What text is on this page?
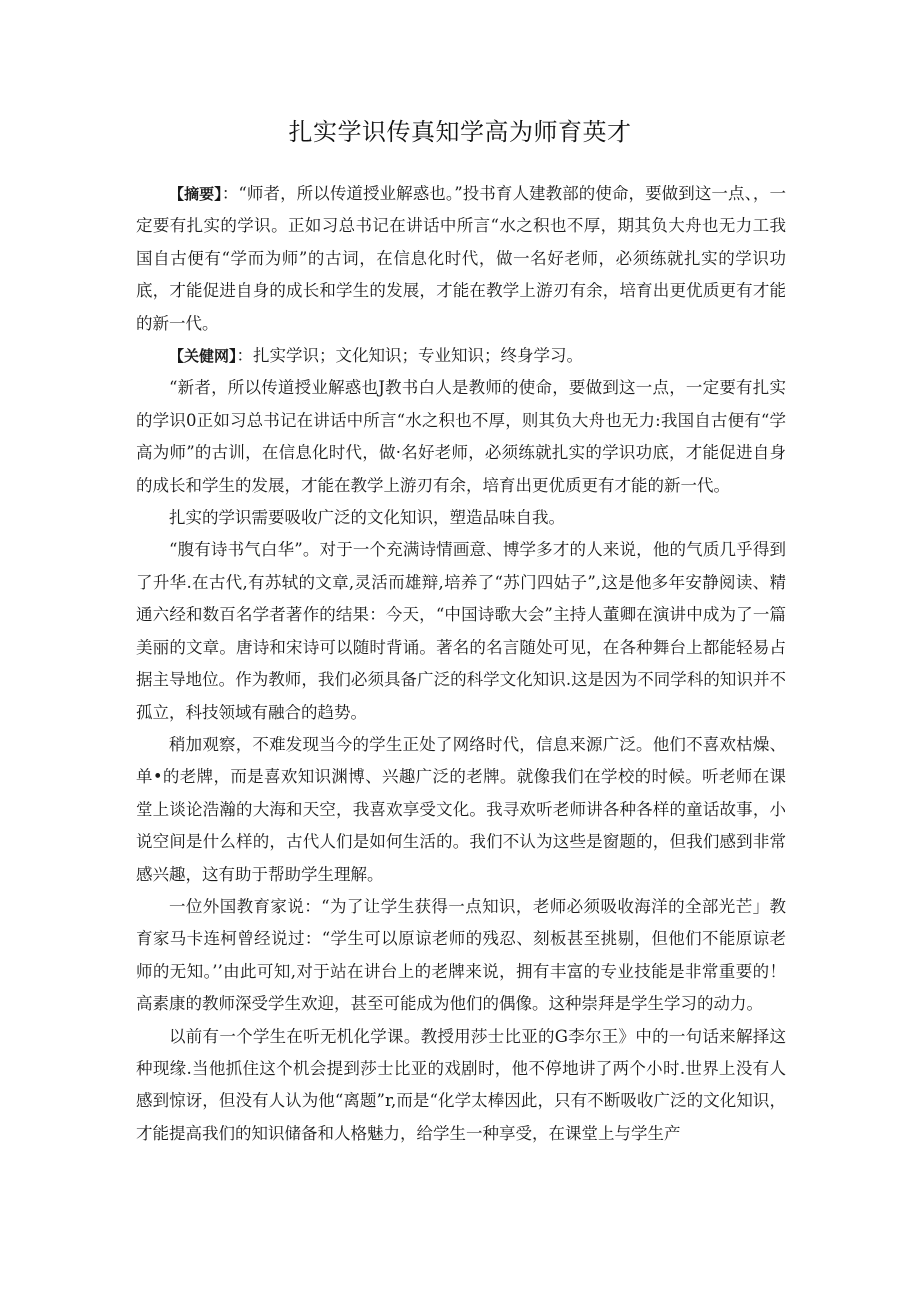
扎实学识传真知学高为师育英才

【摘要】：“师者，所以传道授业解惑也。”投书育人建教部的使命，要做到这一点、，一定要有扎实的学识。正如习总书记在讲话中所言“水之积也不厚，期其负大舟也无力工我国自古便有“学而为师”的古词，在信息化时代，做一名好老师，必须练就扎实的学识功底，才能促进自身的成长和学生的发展，才能在教学上游刃有余，培育出更优质更有才能的新一代。

【关健网】：扎实学识；文化知识；专业知识；终身学习。

“新者，所以传道授业解惑也J教书白人是教师的使命，要做到这一点，一定要有扎实的学识0正如习总书记在讲话中所言“水之积也不厚，则其负大舟也无力:我国自古便有“学高为师”的古训，在信息化时代，做·名好老师，必须练就扎实的学识功底，才能促进自身的成长和学生的发展，才能在教学上游刃有余，培育出更优质更有才能的新一代。

扎实的学识需要吸收广泛的文化知识，塑造品味自我。

“腹有诗书气白华”。对于一个充满诗情画意、博学多才的人来说，他的气质几乎得到了升华.在古代,有苏轼的文章,灵活而雄辩,培养了“苏门四姑子”,这是他多年安静阅读、精通六经和数百名学者著作的结果：今天，“中国诗歌大会”主持人董卿在演讲中成为了一篇美丽的文章。唐诗和宋诗可以随时背诵。著名的名言随处可见，在各种舞台上都能轻易占据主导地位。作为教师，我们必须具备广泛的科学文化知识.这是因为不同学科的知识并不孤立，科技领域有融合的趋势。

稍加观察，不难发现当今的学生正处了网络时代，信息来源广泛。他们不喜欢枯燥、单•的老牌，而是喜欢知识渊博、兴趣广泛的老牌。就像我们在学校的时候。听老师在课堂上谈论浩瀚的大海和天空，我喜欢享受文化。我寻欢听老师讲各种各样的童话故事，小说空间是什么样的，古代人们是如何生活的。我们不认为这些是窗题的，但我们感到非常感兴趣，这有助于帮助学生理解。

一位外国教育家说：“为了让学生获得一点知识，老师必须吸收海洋的全部光芒」教育家马卡连柯曾经说过：“学生可以原谅老师的残忍、刻板甚至挑剔，但他们不能原谅老师的无知。’’由此可知,对于站在讲台上的老牌来说，拥有丰富的专业技能是非常重要的！高素康的教师深受学生欢迎，甚至可能成为他们的偶像。这种崇拜是学生学习的动力。

以前有一个学生在听无机化学课。教授用莎士比亚的G李尔王》中的一句话来解择这种现缘.当他抓住这个机会提到莎士比亚的戏剧时，他不停地讲了两个小时.世界上没有人感到惊讶，但没有人认为他“离题”r,而是“化学太棒因此，只有不断吸收广泛的文化知识，才能提高我们的知识储备和人格魅力，给学生一种享受，在课堂上与学生产
